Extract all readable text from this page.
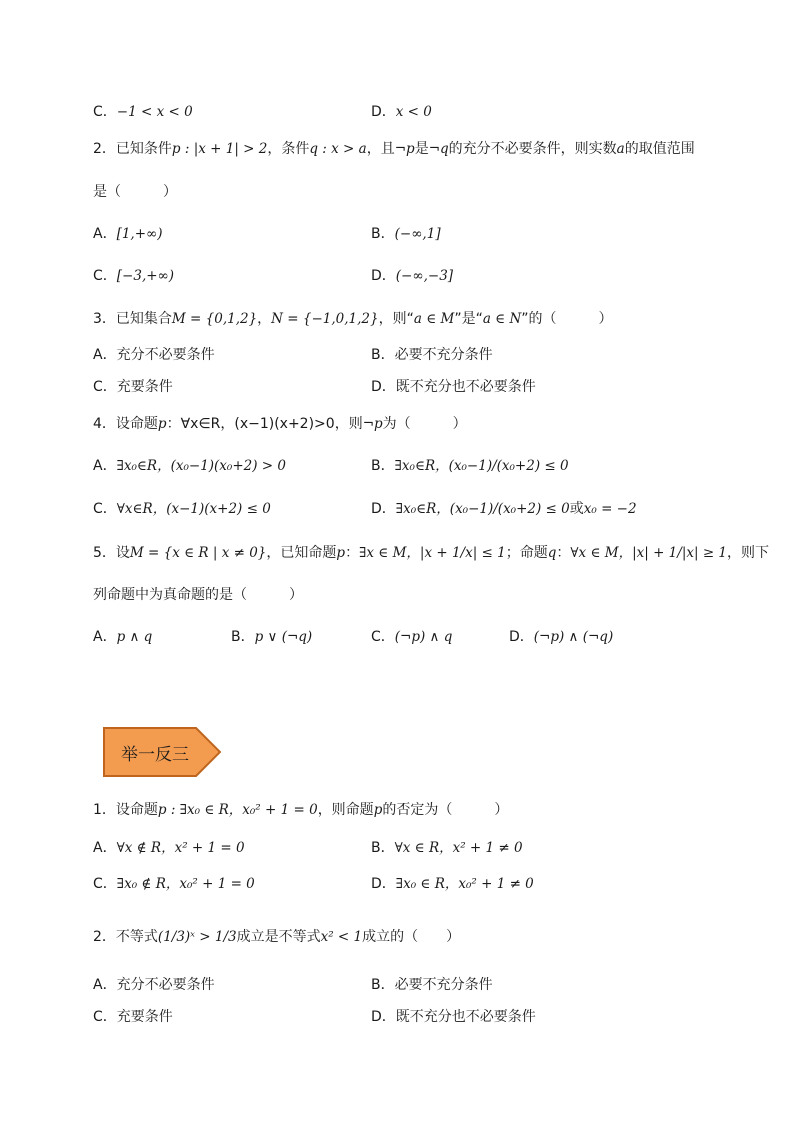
C．−1 < x < 0	D．x < 0
2．已知条件p : |x + 1| > 2，条件q : x > a，且¬p是¬q的充分不必要条件，则实数a的取值范围
是（　　　）
A．[1,+∞)	B．(−∞,1]
C．[−3,+∞)	D．(−∞,−3]
3．已知集合M = {0,1,2}，N = {−1,0,1,2}，则“a ∈ M”是“a ∈ N”的（　　　）
A．充分不必要条件	B．必要不充分条件
C．充要条件	D．既不充分也不必要条件
4．设命题p：∀x∈R，(x−1)(x+2)>0，则¬p为（　　　）
A．∃x₀∈R，(x₀−1)(x₀+2) > 0	B．∃x₀∈R，(x₀−1)/(x₀+2) ≤ 0
C．∀x∈R，(x−1)(x+2) ≤ 0	D．∃x₀∈R，(x₀−1)/(x₀+2) ≤ 0或x₀ = −2
5．设M = {x ∈ R | x ≠ 0}，已知命题p：∃x ∈ M，|x + 1/x| ≤ 1；命题q：∀x ∈ M，|x| + 1/|x| ≥ 1，则下
列命题中为真命题的是（　　　）
A．p ∧ q	B．p ∨ (¬q)	C．(¬p) ∧ q	D．(¬p) ∧ (¬q)
1．设命题p : ∃x₀ ∈ R，x₀² + 1 = 0，则命题p的否定为（　　　）
A．∀x ∉ R，x² + 1 = 0	B．∀x ∈ R，x² + 1 ≠ 0
C．∃x₀ ∉ R，x₀² + 1 = 0	D．∃x₀ ∈ R，x₀² + 1 ≠ 0
2．不等式(1/3)ˣ > 1/3成立是不等式x² < 1成立的（　　）
A．充分不必要条件	B．必要不充分条件
C．充要条件	D．既不充分也不必要条件
举一反三
